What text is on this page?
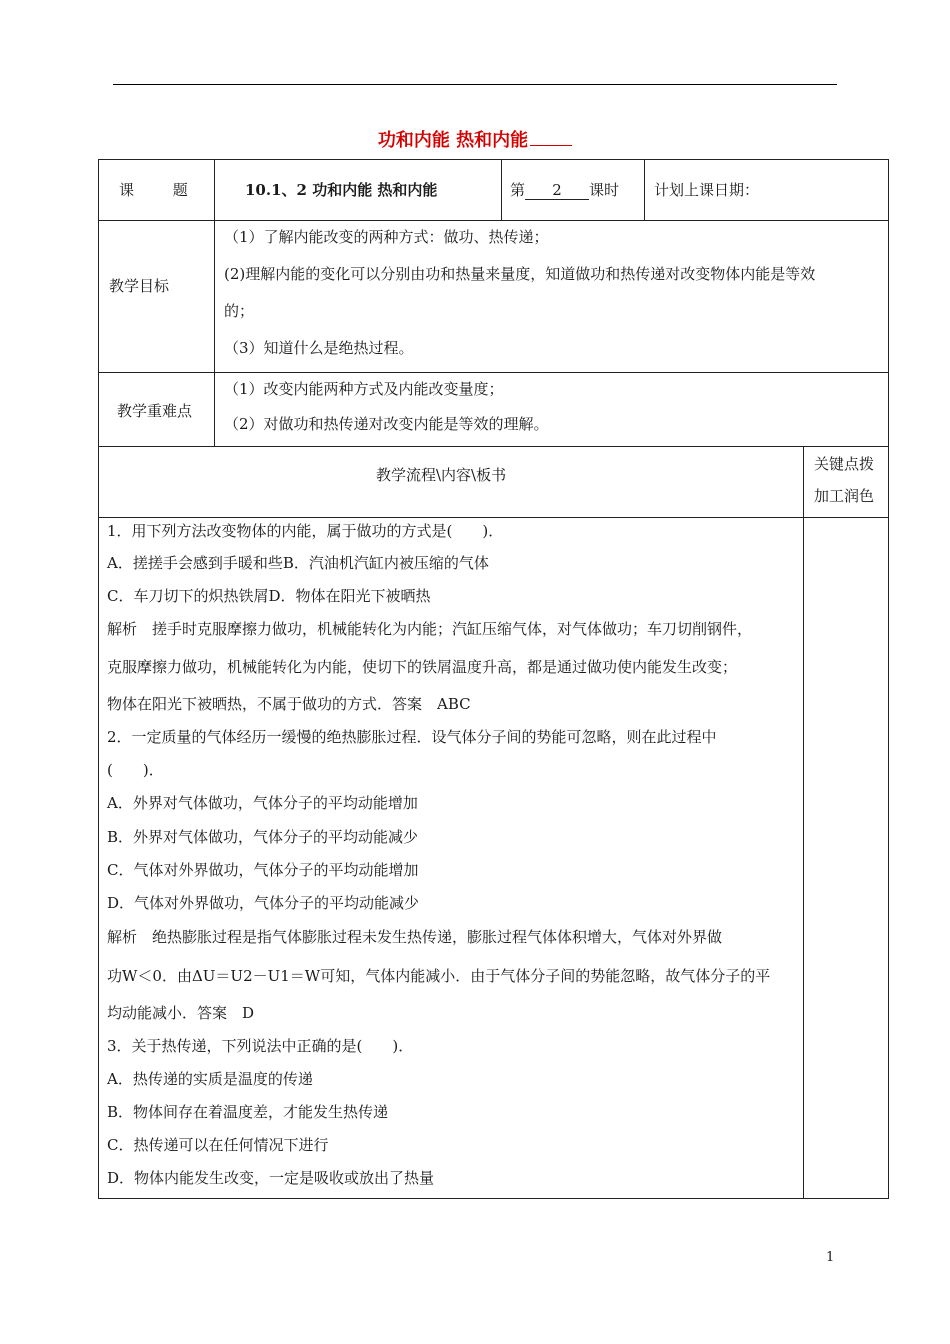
功和内能 热和内能
课 题	10.1、2 功和内能 热和内能	第 2 课时 计划上课日期：
教学目标
（1）了解内能改变的两种方式：做功、热传递；
(2)理解内能的变化可以分别由功和热量来量度，知道做功和热传递对改变物体内能是等效
的；
（3）知道什么是绝热过程。
教学重难点
（1）改变内能两种方式及内能改变量度；
（2）对做功和热传递对改变内能是等效的理解。
教学流程\内容\板书
关键点拨
加工润色
1．用下列方法改变物体的内能，属于做功的方式是(　　)．
A．搓搓手会感到手暖和些B．汽油机汽缸内被压缩的气体
C．车刀切下的炽热铁屑D．物体在阳光下被晒热
解析　搓手时克服摩擦力做功，机械能转化为内能；汽缸压缩气体，对气体做功；车刀切削钢件，
克服摩擦力做功，机械能转化为内能，使切下的铁屑温度升高，都是通过做功使内能发生改变；
物体在阳光下被晒热，不属于做功的方式．答案　ABC
2．一定质量的气体经历一缓慢的绝热膨胀过程．设气体分子间的势能可忽略，则在此过程中
(　　)．
A．外界对气体做功，气体分子的平均动能增加
B．外界对气体做功，气体分子的平均动能减少
C．气体对外界做功，气体分子的平均动能增加
D．气体对外界做功，气体分子的平均动能减少
解析　绝热膨胀过程是指气体膨胀过程未发生热传递，膨胀过程气体体积增大，气体对外界做
功W＜0．由ΔU＝U2－U1＝W可知，气体内能减小．由于气体分子间的势能忽略，故气体分子的平
均动能减小．答案　D
3．关于热传递，下列说法中正确的是(　　)．
A．热传递的实质是温度的传递
B．物体间存在着温度差，才能发生热传递
C．热传递可以在任何情况下进行
D．物体内能发生改变，一定是吸收或放出了热量
1
